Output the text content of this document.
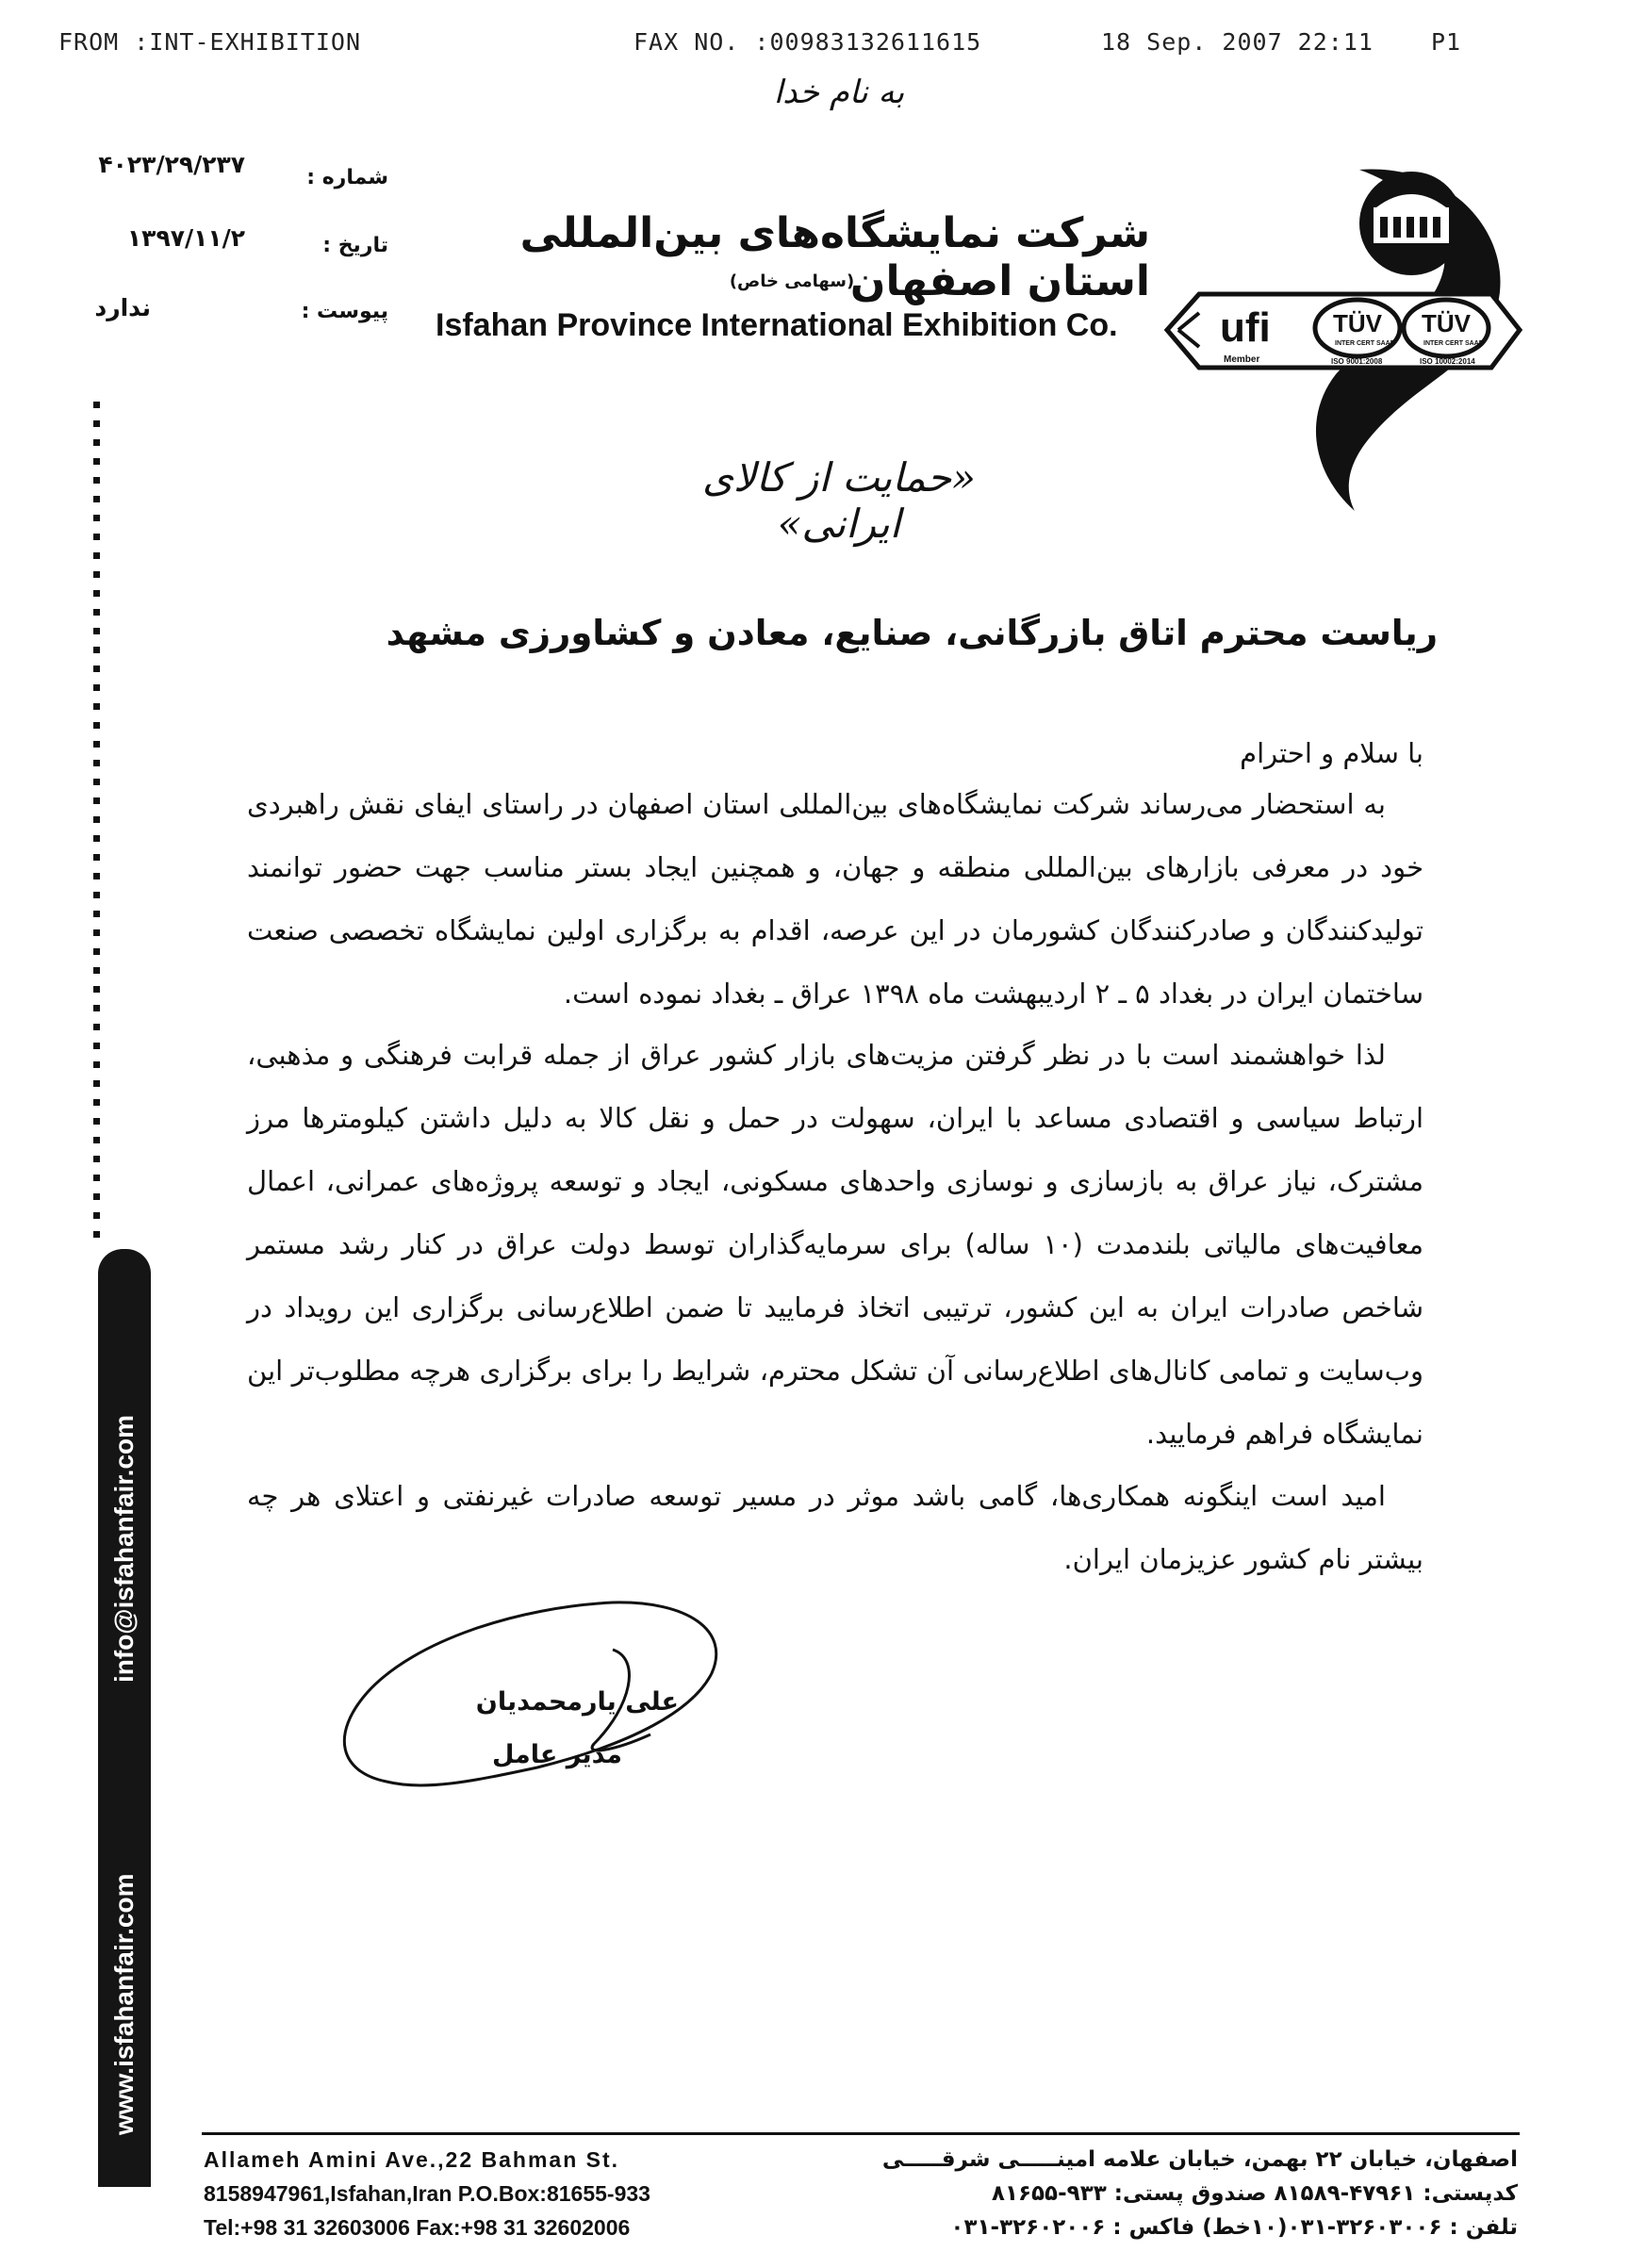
FROM :INT-EXHIBITION	FAX NO. :00983132611615	18 Sep. 2007 22:11 P1
به نام خدا
شماره :
۴۰۲۳/۲۹/۲۳۷
تاریخ :
۱۳۹۷/۱۱/۲
پیوست :
ندارد
شرکت نمایشگاه‌های بین‌المللی استان اصفهان
(سهامی خاص)
Isfahan Province International Exhibition Co. ufi
Member
TÜV
INTER CERT SAAR
ISO 9001:2008
TÜV
INTER CERT SAAR
ISO 10002:2014
«حمایت از کالای ایرانی»
ریاست محترم اتاق بازرگانی، صنایع، معادن و کشاورزی مشهد
با سلام و احترام

به استحضار می‌رساند شرکت نمایشگاه‌های بین‌المللی استان اصفهان در راستای ایفای نقش راهبردی خود در معرفی بازارهای بین‌المللی منطقه و جهان، و همچنین ایجاد بستر مناسب جهت حضور توانمند تولیدکنندگان و صادرکنندگان کشورمان در این عرصه، اقدام به برگزاری اولین نمایشگاه تخصصی صنعت ساختمان ایران در بغداد ۵ ـ ۲ اردیبهشت ماه ۱۳۹۸ عراق ـ بغداد نموده است.

لذا خواهشمند است با در نظر گرفتن مزیت‌های بازار کشور عراق از جمله قرابت فرهنگی و مذهبی، ارتباط سیاسی و اقتصادی مساعد با ایران، سهولت در حمل و نقل کالا به دلیل داشتن کیلومترها مرز مشترک، نیاز عراق به بازسازی و نوسازی واحدهای مسکونی، ایجاد و توسعه پروژه‌های عمرانی، اعمال معافیت‌های مالیاتی بلندمدت (۱۰ ساله) برای سرمایه‌گذاران توسط دولت عراق در کنار رشد مستمر شاخص صادرات ایران به این کشور، ترتیبی اتخاذ فرمایید تا ضمن اطلاع‌رسانی برگزاری این رویداد در وب‌سایت و تمامی کانال‌های اطلاع‌رسانی آن تشکل محترم، شرایط را برای برگزاری هرچه مطلوب‌تر این نمایشگاه فراهم فرمایید.

امید است اینگونه همکاری‌ها، گامی باشد موثر در مسیر توسعه صادرات غیرنفتی و اعتلای هر چه بیشتر نام کشور عزیزمان ایران.

علی یارمحمدیان
مدیر عامل
info@isfahanfair.com
www.isfahanfair.com
Allameh Amini Ave.,22 Bahman St.
8158947961,Isfahan,Iran P.O.Box:81655-933
Tel:+98 31 32603006 Fax:+98 31 32602006
اصفهان، خیابان ۲۲ بهمن، خیابان علامه امینـــــی شرقـــــی
کدپستی: ۴۷۹۶۱-۸۱۵۸۹ صندوق پستی: ۹۳۳-۸۱۶۵۵
تلفن : ۳۲۶۰۳۰۰۶-۰۳۱(۱۰خط) فاکس : ۳۲۶۰۲۰۰۶-۰۳۱
